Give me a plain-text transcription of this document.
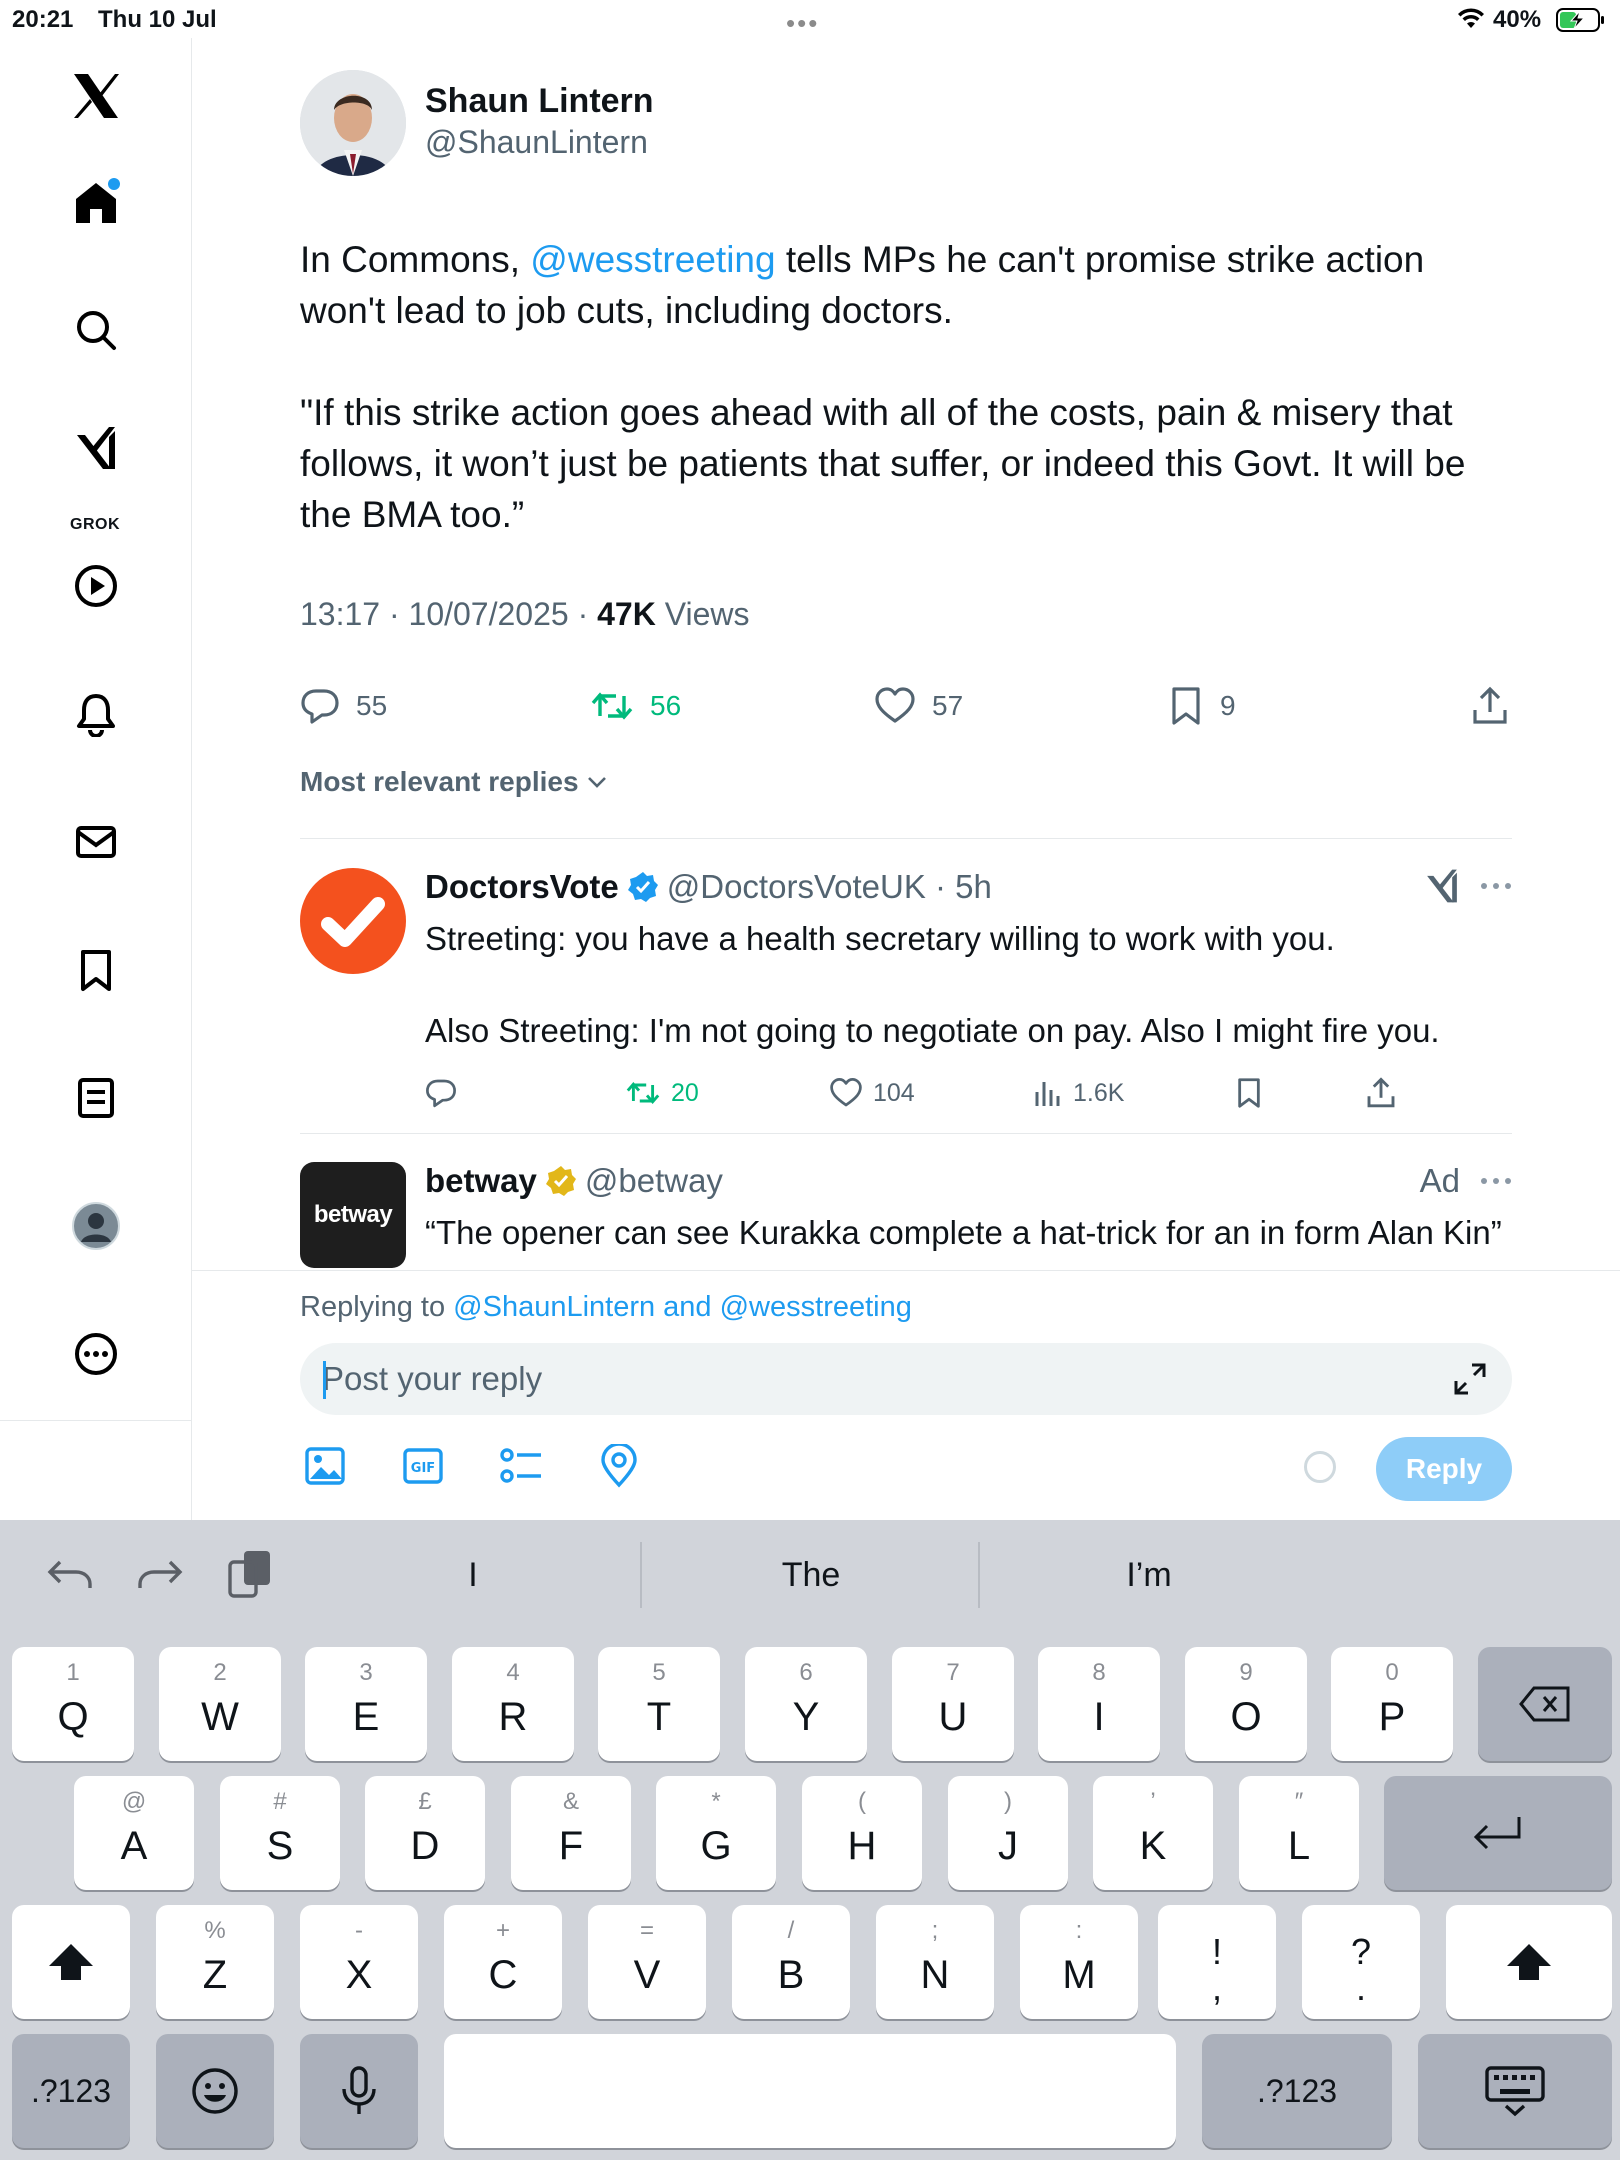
20:21 Thu 10 Jul	•••	40%
GROK
Shaun Lintern
@ShaunLintern

In Commons, @wesstreeting tells MPs he can't promise strike action won't lead to job cuts, including doctors.

"If this strike action goes ahead with all of the costs, pain & misery that follows, it won’t just be patients that suffer, or indeed this Govt. It will be the BMA too.”

13:17 · 10/07/2025 · 47K Views
55	56	57	9
Most relevant replies
DoctorsVote @DoctorsVoteUK · 5h
Streeting: you have a health secretary willing to work with you.
Also Streeting: I'm not going to negotiate on pay. Also I might fire you.
20	104	1.6K
betway
betway @betway	Ad
“The opener can see Kurakka complete a hat-trick for an in form Alan Kin”
Replying to @ShaunLintern and @wesstreeting
Post your reply
GIF	Reply
I	The	I’m
!
,
?
.
.?123	.?123
1
Q
2
W
3
E
4
R
5
T
6
Y
7
U
8
I
9
O
0
P
@
A
#
S
£
D
&
F
*
G
(
H
)
J
’
K
″
L
%
Z
-
X
+
C
=
V
/
B
;
N
:
M
